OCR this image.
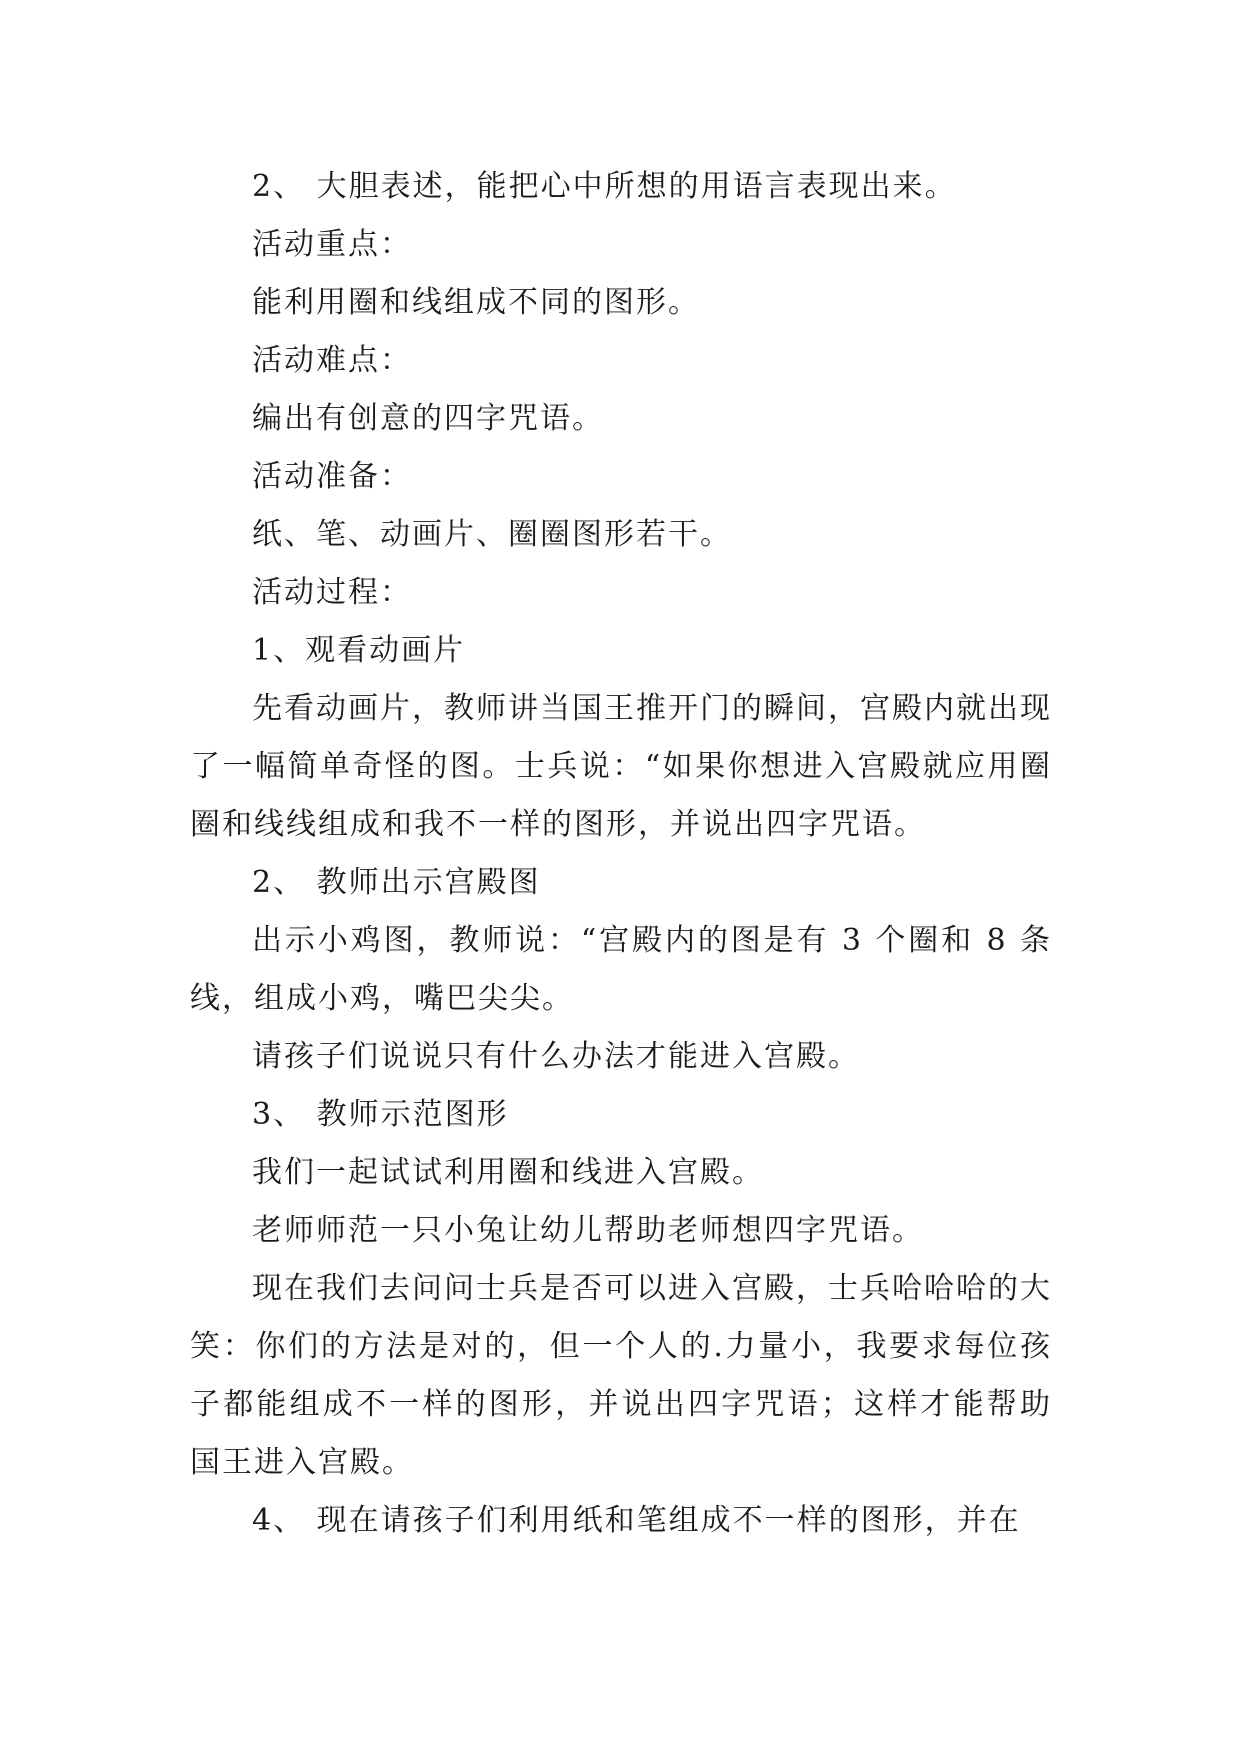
2、 大胆表述，能把心中所想的用语言表现出来。

活动重点：

能利用圈和线组成不同的图形。

活动难点：

编出有创意的四字咒语。

活动准备：

纸、笔、动画片、圈圈图形若干。

活动过程：

1、观看动画片

先看动画片，教师讲当国王推开门的瞬间，宫殿内就出现了一幅简单奇怪的图。士兵说：“如果你想进入宫殿就应用圈圈和线线组成和我不一样的图形，并说出四字咒语。

2、 教师出示宫殿图

出示小鸡图，教师说：“宫殿内的图是有 3 个圈和 8 条线，组成小鸡，嘴巴尖尖。

请孩子们说说只有什么办法才能进入宫殿。

3、 教师示范图形

我们一起试试利用圈和线进入宫殿。

老师师范一只小兔让幼儿帮助老师想四字咒语。

现在我们去问问士兵是否可以进入宫殿，士兵哈哈哈的大笑：你们的方法是对的，但一个人的.力量小，我要求每位孩子都能组成不一样的图形，并说出四字咒语；这样才能帮助国王进入宫殿。

4、 现在请孩子们利用纸和笔组成不一样的图形，并在
